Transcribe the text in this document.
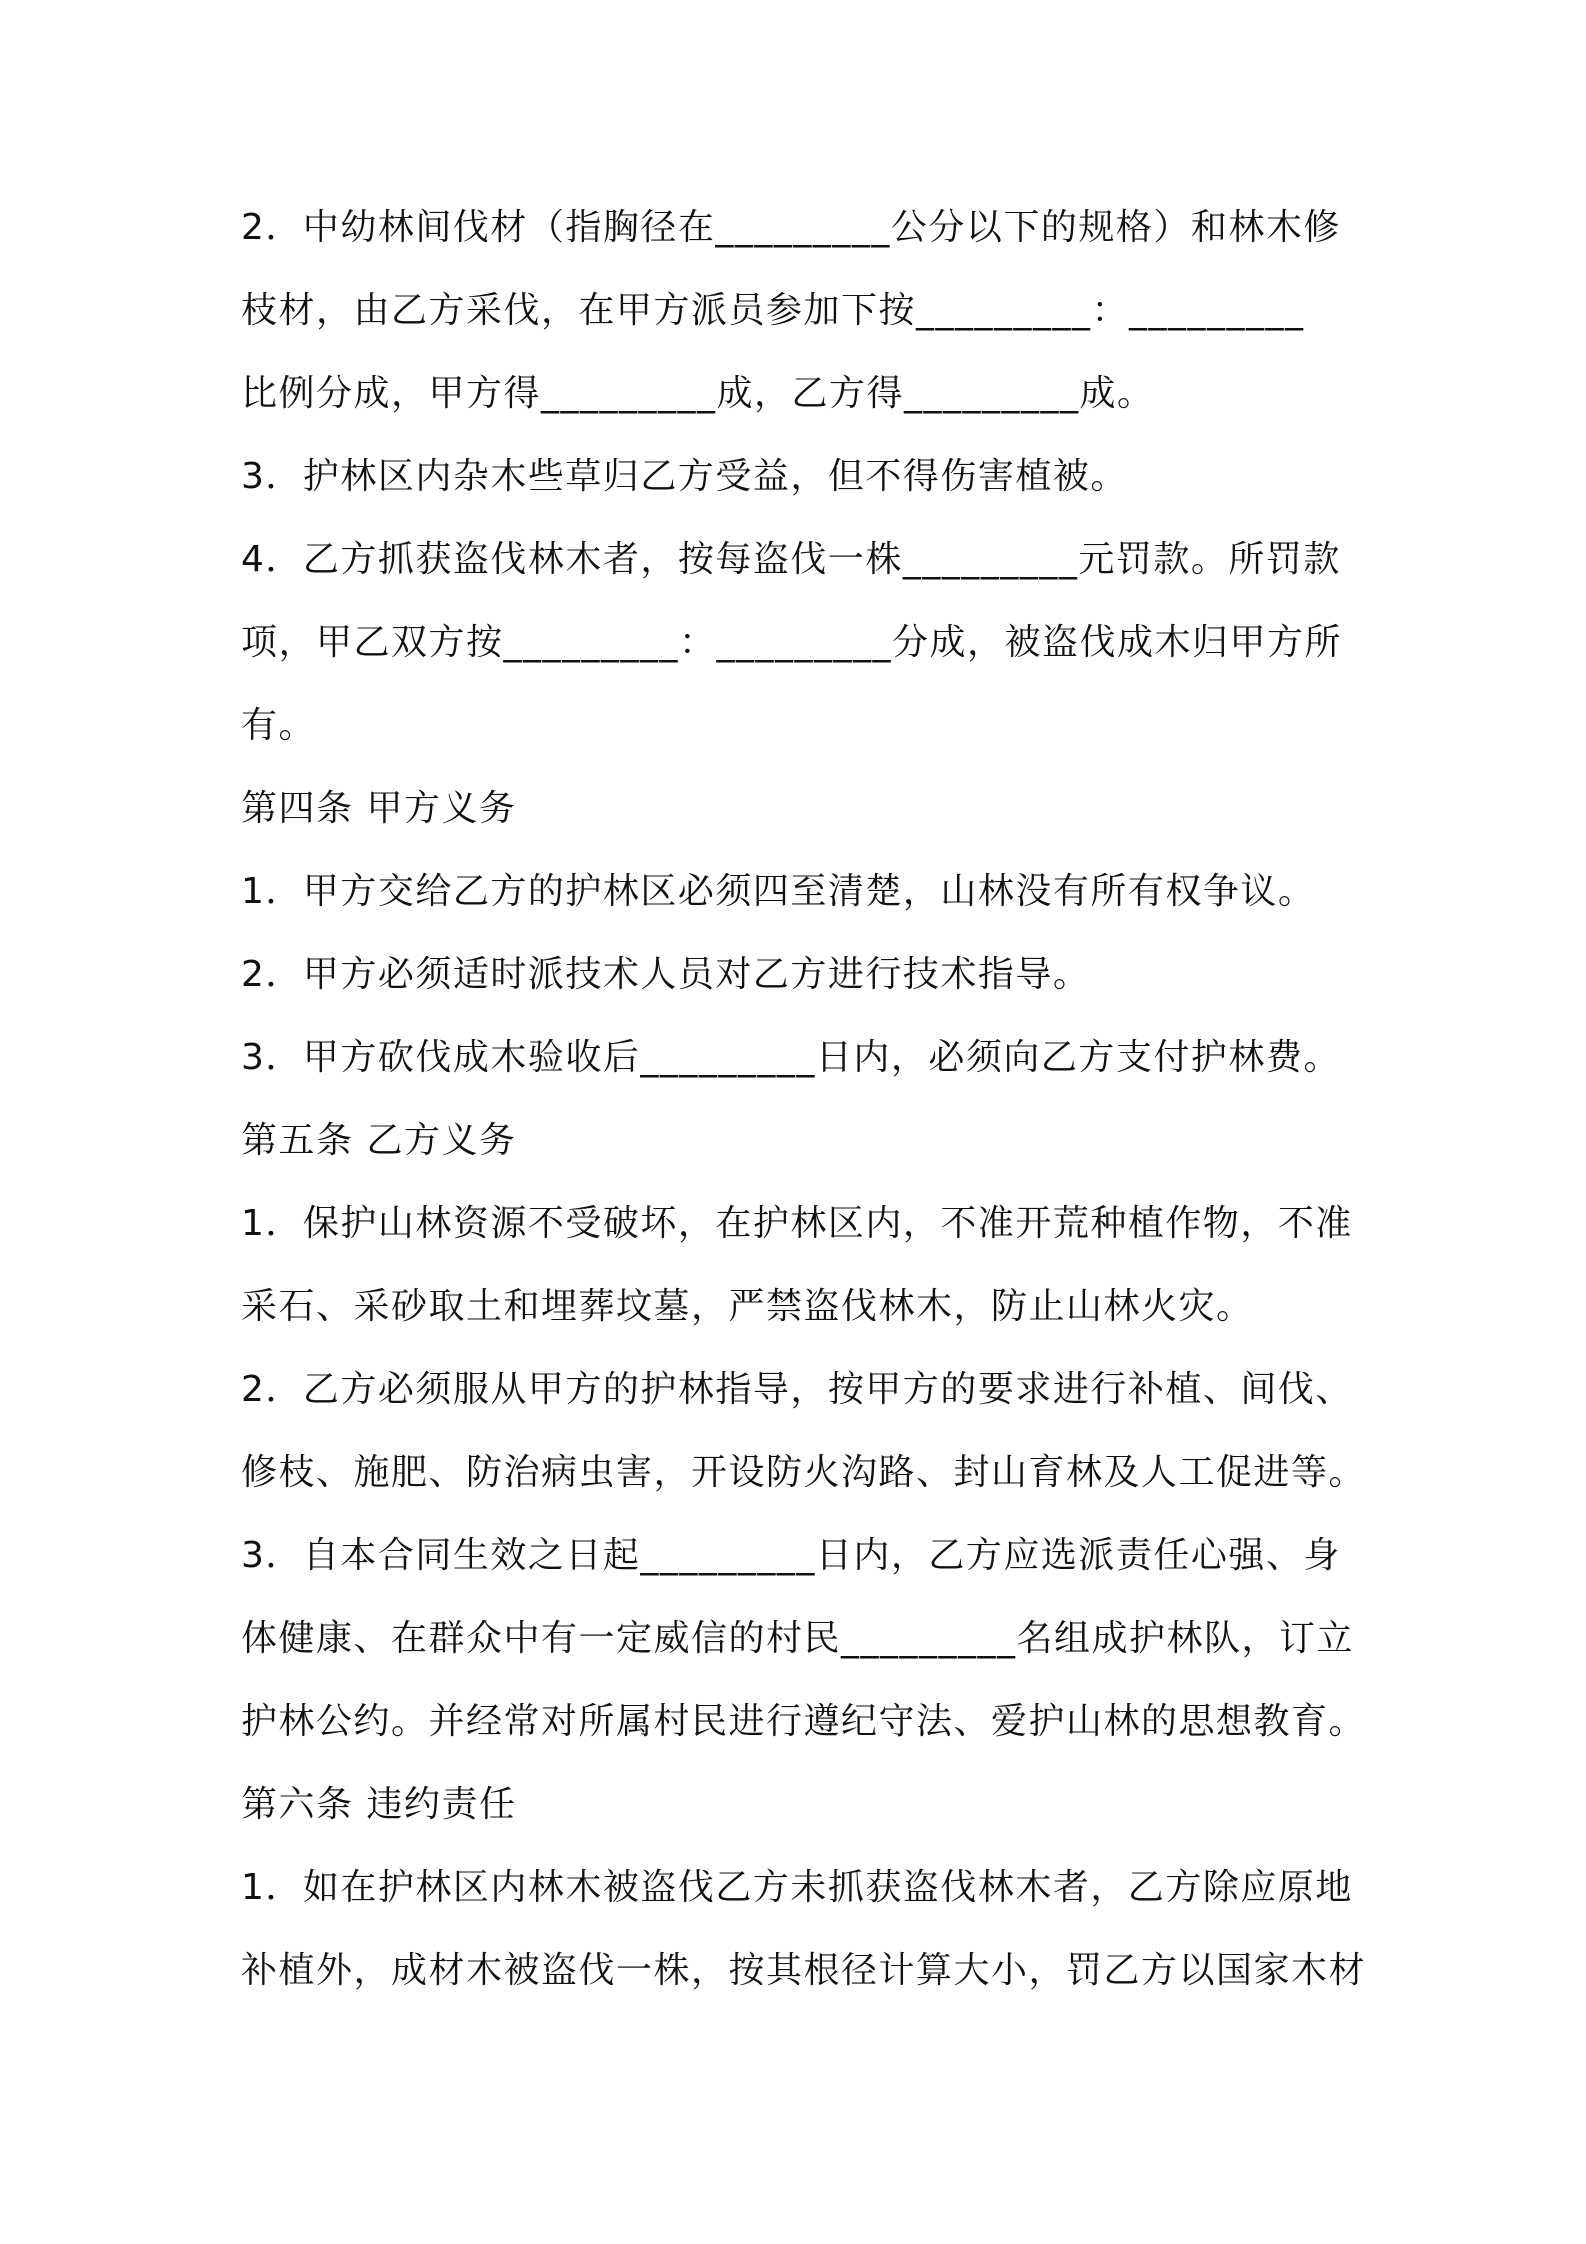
2．中幼林间伐材（指胸径在_________公分以下的规格）和林木修
枝材，由乙方采伐，在甲方派员参加下按_________：_________
比例分成，甲方得_________成，乙方得_________成。
3．护林区内杂木些草归乙方受益，但不得伤害植被。
4．乙方抓获盗伐林木者，按每盗伐一株_________元罚款。所罚款
项，甲乙双方按_________：_________分成，被盗伐成木归甲方所
有。
第四条 甲方义务
1．甲方交给乙方的护林区必须四至清楚，山林没有所有权争议。
2．甲方必须适时派技术人员对乙方进行技术指导。
3．甲方砍伐成木验收后_________日内，必须向乙方支付护林费。
第五条 乙方义务
1．保护山林资源不受破坏，在护林区内，不准开荒种植作物，不准
采石、采砂取土和埋葬坟墓，严禁盗伐林木，防止山林火灾。
2．乙方必须服从甲方的护林指导，按甲方的要求进行补植、间伐、
修枝、施肥、防治病虫害，开设防火沟路、封山育林及人工促进等。
3．自本合同生效之日起_________日内，乙方应选派责任心强、身
体健康、在群众中有一定威信的村民_________名组成护林队，订立
护林公约。并经常对所属村民进行遵纪守法、爱护山林的思想教育。
第六条 违约责任
1．如在护林区内林木被盗伐乙方未抓获盗伐林木者，乙方除应原地
补植外，成材木被盗伐一株，按其根径计算大小，罚乙方以国家木材
